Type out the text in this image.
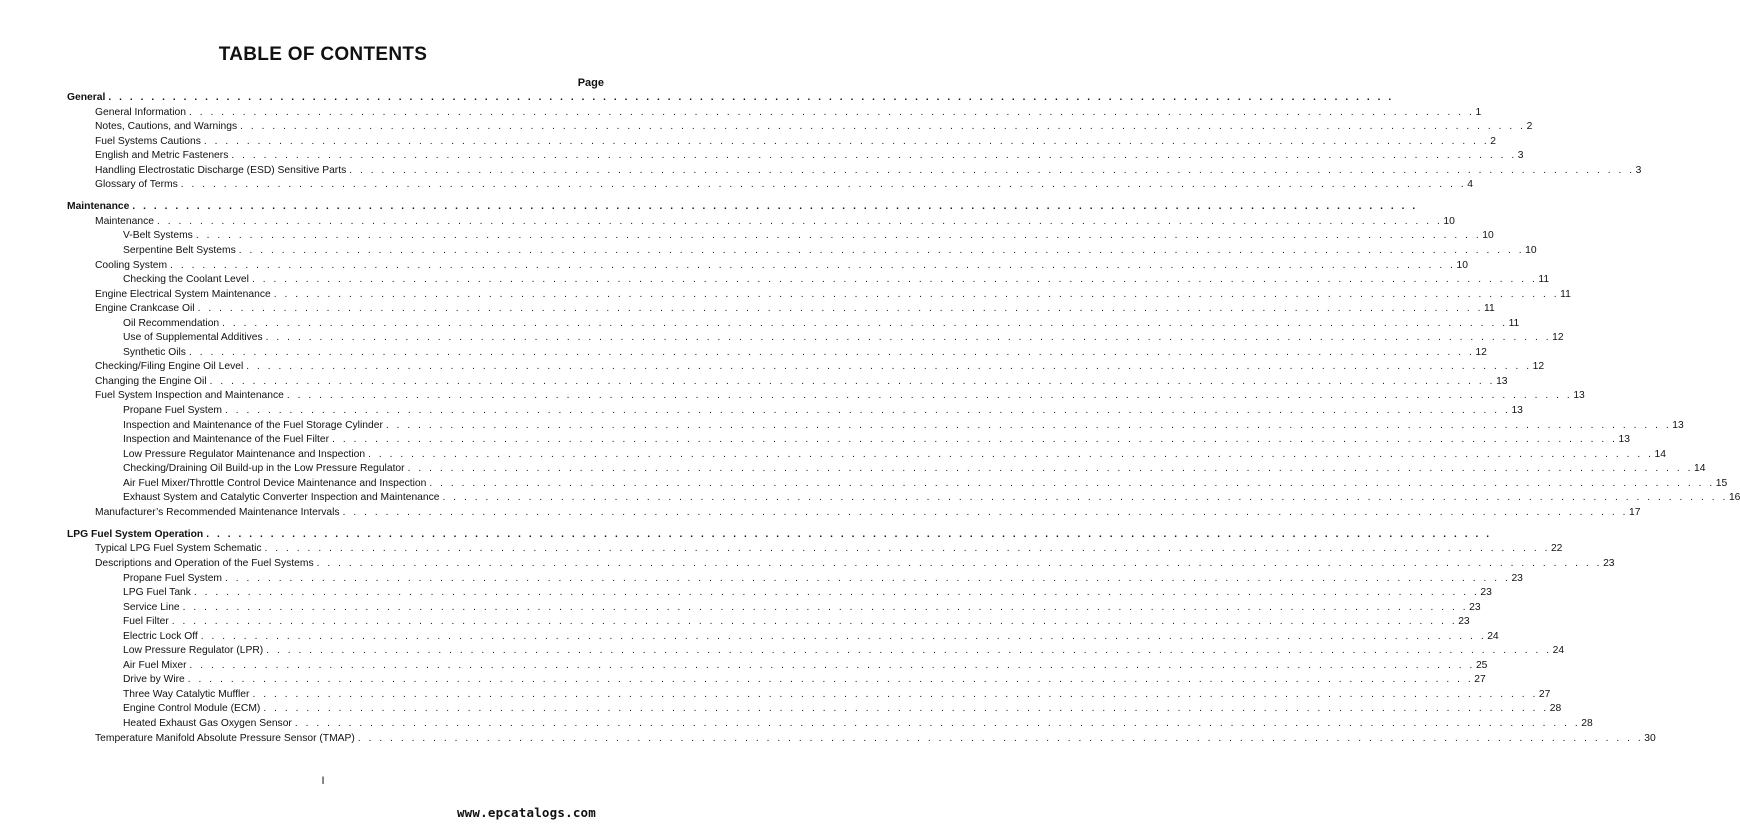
TABLE OF CONTENTS
Page
General . . . . . . . . . . . . . . . . . . . . . . . . . . . . . . . . . . . . . . . . . . . . . . . . . . . . . . . . . . . . . . . . . . . . . . . . . . . . . . . . . . . . . . . . . . . . . . . . . . . . . . . . . . . . . . . . . . . . . . . .
General Information . . . . . . . . . . . . . . . . . . . . . . . . . . . . . . . . . . . . . . . . . . . . . . . . . . . . . . . . . . . . . . . . . . . . . . . . . . . . . . . . . . . . . . . . . . . . . . . . . . . . . . . . . . . . . . . . . . . . . . . . 1
Notes, Cautions, and Warnings . . . . . . . . . . . . . . . . . . . . . . . . . . . . . . . . . . . . . . . . . . . . . . . . . . . . . . . . . . . . . . . . . . . . . . . . . . . . . . . . . . . . . . . . . . . . . . . . . . . . . . . . . . . . . . . . . . . . . . . . 2
Fuel Systems Cautions . . . . . . . . . . . . . . . . . . . . . . . . . . . . . . . . . . . . . . . . . . . . . . . . . . . . . . . . . . . . . . . . . . . . . . . . . . . . . . . . . . . . . . . . . . . . . . . . . . . . . . . . . . . . . . . . . . . . . . . . 2
English and Metric Fasteners . . . . . . . . . . . . . . . . . . . . . . . . . . . . . . . . . . . . . . . . . . . . . . . . . . . . . . . . . . . . . . . . . . . . . . . . . . . . . . . . . . . . . . . . . . . . . . . . . . . . . . . . . . . . . . . . . . . . . . . . 3
Handling Electrostatic Discharge (ESD) Sensitive Parts . . . . . . . . . . . . . . . . . . . . . . . . . . . . . . . . . . . . . . . . . . . . . . . . . . . . . . . . . . . . . . . . . . . . . . . . . . . . . . . . . . . . . . . . . . . . . . . . . . . . . . . . . . . . . . . . . . . . . . . . 3
Glossary of Terms . . . . . . . . . . . . . . . . . . . . . . . . . . . . . . . . . . . . . . . . . . . . . . . . . . . . . . . . . . . . . . . . . . . . . . . . . . . . . . . . . . . . . . . . . . . . . . . . . . . . . . . . . . . . . . . . . . . . . . . . 4
Maintenance . . . . . . . . . . . . . . . . . . . . . . . . . . . . . . . . . . . . . . . . . . . . . . . . . . . . . . . . . . . . . . . . . . . . . . . . . . . . . . . . . . . . . . . . . . . . . . . . . . . . . . . . . . . . . . . . . . . . . . . .
Maintenance . . . . . . . . . . . . . . . . . . . . . . . . . . . . . . . . . . . . . . . . . . . . . . . . . . . . . . . . . . . . . . . . . . . . . . . . . . . . . . . . . . . . . . . . . . . . . . . . . . . . . . . . . . . . . . . . . . . . . . . . 10
V-Belt Systems . . . . . . . . . . . . . . . . . . . . . . . . . . . . . . . . . . . . . . . . . . . . . . . . . . . . . . . . . . . . . . . . . . . . . . . . . . . . . . . . . . . . . . . . . . . . . . . . . . . . . . . . . . . . . . . . . . . . . . . . 10
Serpentine Belt Systems . . . . . . . . . . . . . . . . . . . . . . . . . . . . . . . . . . . . . . . . . . . . . . . . . . . . . . . . . . . . . . . . . . . . . . . . . . . . . . . . . . . . . . . . . . . . . . . . . . . . . . . . . . . . . . . . . . . . . . . . 10
Cooling System . . . . . . . . . . . . . . . . . . . . . . . . . . . . . . . . . . . . . . . . . . . . . . . . . . . . . . . . . . . . . . . . . . . . . . . . . . . . . . . . . . . . . . . . . . . . . . . . . . . . . . . . . . . . . . . . . . . . . . . . 10
Checking the Coolant Level . . . . . . . . . . . . . . . . . . . . . . . . . . . . . . . . . . . . . . . . . . . . . . . . . . . . . . . . . . . . . . . . . . . . . . . . . . . . . . . . . . . . . . . . . . . . . . . . . . . . . . . . . . . . . . . . . . . . . . . . 11
Engine Electrical System Maintenance . . . . . . . . . . . . . . . . . . . . . . . . . . . . . . . . . . . . . . . . . . . . . . . . . . . . . . . . . . . . . . . . . . . . . . . . . . . . . . . . . . . . . . . . . . . . . . . . . . . . . . . . . . . . . . . . . . . . . . . . 11
Engine Crankcase Oil . . . . . . . . . . . . . . . . . . . . . . . . . . . . . . . . . . . . . . . . . . . . . . . . . . . . . . . . . . . . . . . . . . . . . . . . . . . . . . . . . . . . . . . . . . . . . . . . . . . . . . . . . . . . . . . . . . . . . . . . 11
Oil Recommendation . . . . . . . . . . . . . . . . . . . . . . . . . . . . . . . . . . . . . . . . . . . . . . . . . . . . . . . . . . . . . . . . . . . . . . . . . . . . . . . . . . . . . . . . . . . . . . . . . . . . . . . . . . . . . . . . . . . . . . . . 11
Use of Supplemental Additives . . . . . . . . . . . . . . . . . . . . . . . . . . . . . . . . . . . . . . . . . . . . . . . . . . . . . . . . . . . . . . . . . . . . . . . . . . . . . . . . . . . . . . . . . . . . . . . . . . . . . . . . . . . . . . . . . . . . . . . . 12
Synthetic Oils . . . . . . . . . . . . . . . . . . . . . . . . . . . . . . . . . . . . . . . . . . . . . . . . . . . . . . . . . . . . . . . . . . . . . . . . . . . . . . . . . . . . . . . . . . . . . . . . . . . . . . . . . . . . . . . . . . . . . . . . 12
Checking/Filing Engine Oil Level . . . . . . . . . . . . . . . . . . . . . . . . . . . . . . . . . . . . . . . . . . . . . . . . . . . . . . . . . . . . . . . . . . . . . . . . . . . . . . . . . . . . . . . . . . . . . . . . . . . . . . . . . . . . . . . . . . . . . . . . 12
Changing the Engine Oil . . . . . . . . . . . . . . . . . . . . . . . . . . . . . . . . . . . . . . . . . . . . . . . . . . . . . . . . . . . . . . . . . . . . . . . . . . . . . . . . . . . . . . . . . . . . . . . . . . . . . . . . . . . . . . . . . . . . . . . . 13
Fuel System Inspection and Maintenance . . . . . . . . . . . . . . . . . . . . . . . . . . . . . . . . . . . . . . . . . . . . . . . . . . . . . . . . . . . . . . . . . . . . . . . . . . . . . . . . . . . . . . . . . . . . . . . . . . . . . . . . . . . . . . . . . . . . . . . . 13
Propane Fuel System . . . . . . . . . . . . . . . . . . . . . . . . . . . . . . . . . . . . . . . . . . . . . . . . . . . . . . . . . . . . . . . . . . . . . . . . . . . . . . . . . . . . . . . . . . . . . . . . . . . . . . . . . . . . . . . . . . . . . . . . 13
Inspection and Maintenance of the Fuel Storage Cylinder . . . . . . . . . . . . . . . . . . . . . . . . . . . . . . . . . . . . . . . . . . . . . . . . . . . . . . . . . . . . . . . . . . . . . . . . . . . . . . . . . . . . . . . . . . . . . . . . . . . . . . . . . . . . . . . . . . . . . . . . 13
Inspection and Maintenance of the Fuel Filter . . . . . . . . . . . . . . . . . . . . . . . . . . . . . . . . . . . . . . . . . . . . . . . . . . . . . . . . . . . . . . . . . . . . . . . . . . . . . . . . . . . . . . . . . . . . . . . . . . . . . . . . . . . . . . . . . . . . . . . . 13
Low Pressure Regulator Maintenance and Inspection . . . . . . . . . . . . . . . . . . . . . . . . . . . . . . . . . . . . . . . . . . . . . . . . . . . . . . . . . . . . . . . . . . . . . . . . . . . . . . . . . . . . . . . . . . . . . . . . . . . . . . . . . . . . . . . . . . . . . . . . 14
Checking/Draining Oil Build-up in the Low Pressure Regulator . . . . . . . . . . . . . . . . . . . . . . . . . . . . . . . . . . . . . . . . . . . . . . . . . . . . . . . . . . . . . . . . . . . . . . . . . . . . . . . . . . . . . . . . . . . . . . . . . . . . . . . . . . . . . . . . . . . . . . . . 14
Air Fuel Mixer/Throttle Control Device Maintenance and Inspection . . . . . . . . . . . . . . . . . . . . . . . . . . . . . . . . . . . . . . . . . . . . . . . . . . . . . . . . . . . . . . . . . . . . . . . . . . . . . . . . . . . . . . . . . . . . . . . . . . . . . . . . . . . . . . . . . . . . . . . . 15
Exhaust System and Catalytic Converter Inspection and Maintenance . . . . . . . . . . . . . . . . . . . . . . . . . . . . . . . . . . . . . . . . . . . . . . . . . . . . . . . . . . . . . . . . . . . . . . . . . . . . . . . . . . . . . . . . . . . . . . . . . . . . . . . . . . . . . . . . . . . . . . . . 16
Manufacturer’s Recommended Maintenance Intervals . . . . . . . . . . . . . . . . . . . . . . . . . . . . . . . . . . . . . . . . . . . . . . . . . . . . . . . . . . . . . . . . . . . . . . . . . . . . . . . . . . . . . . . . . . . . . . . . . . . . . . . . . . . . . . . . . . . . . . . . 17
LPG Fuel System Operation . . . . . . . . . . . . . . . . . . . . . . . . . . . . . . . . . . . . . . . . . . . . . . . . . . . . . . . . . . . . . . . . . . . . . . . . . . . . . . . . . . . . . . . . . . . . . . . . . . . . . . . . . . . . . . . . . . . . . . . .
Typical LPG Fuel System Schematic . . . . . . . . . . . . . . . . . . . . . . . . . . . . . . . . . . . . . . . . . . . . . . . . . . . . . . . . . . . . . . . . . . . . . . . . . . . . . . . . . . . . . . . . . . . . . . . . . . . . . . . . . . . . . . . . . . . . . . . . 22
Descriptions and Operation of the Fuel Systems . . . . . . . . . . . . . . . . . . . . . . . . . . . . . . . . . . . . . . . . . . . . . . . . . . . . . . . . . . . . . . . . . . . . . . . . . . . . . . . . . . . . . . . . . . . . . . . . . . . . . . . . . . . . . . . . . . . . . . . . 23
Propane Fuel System . . . . . . . . . . . . . . . . . . . . . . . . . . . . . . . . . . . . . . . . . . . . . . . . . . . . . . . . . . . . . . . . . . . . . . . . . . . . . . . . . . . . . . . . . . . . . . . . . . . . . . . . . . . . . . . . . . . . . . . . 23
LPG Fuel Tank . . . . . . . . . . . . . . . . . . . . . . . . . . . . . . . . . . . . . . . . . . . . . . . . . . . . . . . . . . . . . . . . . . . . . . . . . . . . . . . . . . . . . . . . . . . . . . . . . . . . . . . . . . . . . . . . . . . . . . . . 23
Service Line . . . . . . . . . . . . . . . . . . . . . . . . . . . . . . . . . . . . . . . . . . . . . . . . . . . . . . . . . . . . . . . . . . . . . . . . . . . . . . . . . . . . . . . . . . . . . . . . . . . . . . . . . . . . . . . . . . . . . . . . 23
Fuel Filter . . . . . . . . . . . . . . . . . . . . . . . . . . . . . . . . . . . . . . . . . . . . . . . . . . . . . . . . . . . . . . . . . . . . . . . . . . . . . . . . . . . . . . . . . . . . . . . . . . . . . . . . . . . . . . . . . . . . . . . . 23
Electric Lock Off . . . . . . . . . . . . . . . . . . . . . . . . . . . . . . . . . . . . . . . . . . . . . . . . . . . . . . . . . . . . . . . . . . . . . . . . . . . . . . . . . . . . . . . . . . . . . . . . . . . . . . . . . . . . . . . . . . . . . . . . 24
Low Pressure Regulator (LPR) . . . . . . . . . . . . . . . . . . . . . . . . . . . . . . . . . . . . . . . . . . . . . . . . . . . . . . . . . . . . . . . . . . . . . . . . . . . . . . . . . . . . . . . . . . . . . . . . . . . . . . . . . . . . . . . . . . . . . . . . 24
Air Fuel Mixer . . . . . . . . . . . . . . . . . . . . . . . . . . . . . . . . . . . . . . . . . . . . . . . . . . . . . . . . . . . . . . . . . . . . . . . . . . . . . . . . . . . . . . . . . . . . . . . . . . . . . . . . . . . . . . . . . . . . . . . . 25
Drive by Wire . . . . . . . . . . . . . . . . . . . . . . . . . . . . . . . . . . . . . . . . . . . . . . . . . . . . . . . . . . . . . . . . . . . . . . . . . . . . . . . . . . . . . . . . . . . . . . . . . . . . . . . . . . . . . . . . . . . . . . . . 27
Three Way Catalytic Muffler . . . . . . . . . . . . . . . . . . . . . . . . . . . . . . . . . . . . . . . . . . . . . . . . . . . . . . . . . . . . . . . . . . . . . . . . . . . . . . . . . . . . . . . . . . . . . . . . . . . . . . . . . . . . . . . . . . . . . . . . 27
Engine Control Module (ECM) . . . . . . . . . . . . . . . . . . . . . . . . . . . . . . . . . . . . . . . . . . . . . . . . . . . . . . . . . . . . . . . . . . . . . . . . . . . . . . . . . . . . . . . . . . . . . . . . . . . . . . . . . . . . . . . . . . . . . . . . 28
Heated Exhaust Gas Oxygen Sensor . . . . . . . . . . . . . . . . . . . . . . . . . . . . . . . . . . . . . . . . . . . . . . . . . . . . . . . . . . . . . . . . . . . . . . . . . . . . . . . . . . . . . . . . . . . . . . . . . . . . . . . . . . . . . . . . . . . . . . . . 28
Temperature Manifold Absolute Pressure Sensor (TMAP) . . . . . . . . . . . . . . . . . . . . . . . . . . . . . . . . . . . . . . . . . . . . . . . . . . . . . . . . . . . . . . . . . . . . . . . . . . . . . . . . . . . . . . . . . . . . . . . . . . . . . . . . . . . . . . . . . . . . . . . . 30
I
www.epcatalogs.com
